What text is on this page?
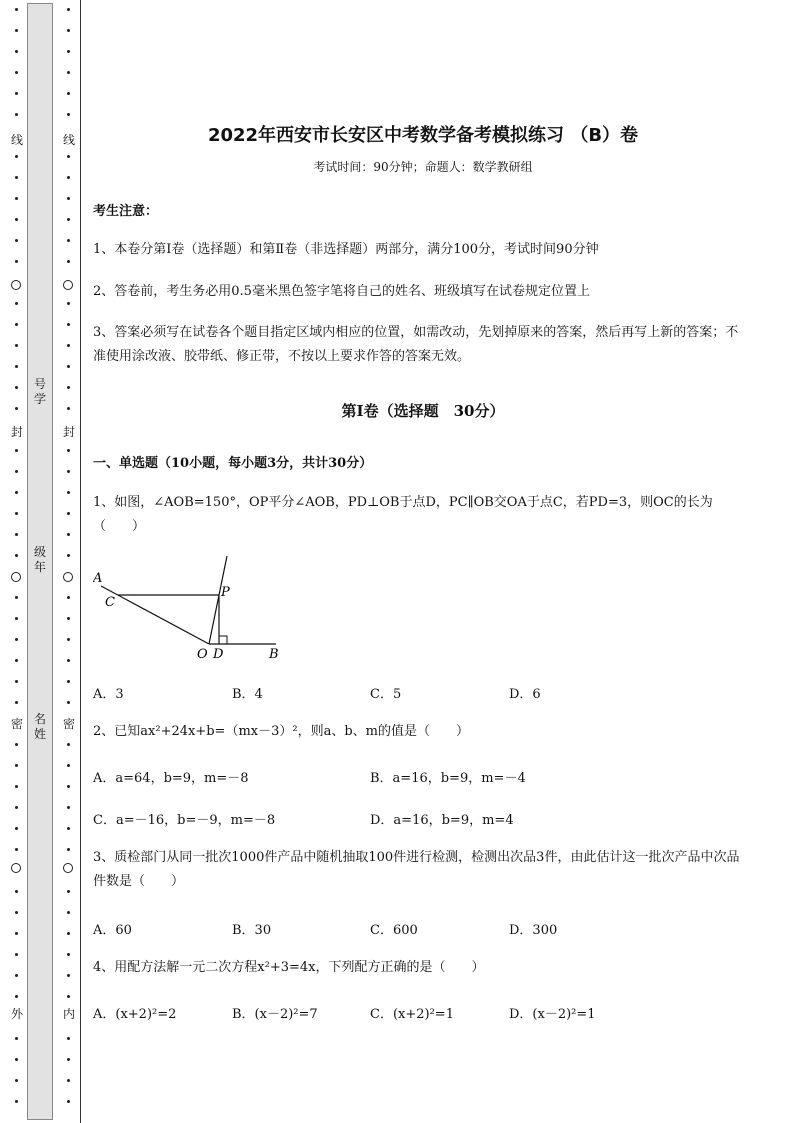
线	线
封	封
密	密
外	内
号学
级年
名姓
2022年西安市长安区中考数学备考模拟练习 （B）卷
考试时间：90分钟；命题人：数学教研组
考生注意：
1、本卷分第Ⅰ卷（选择题）和第Ⅱ卷（非选择题）两部分，满分100分，考试时间90分钟
2、答卷前，考生务必用0.5毫米黑色签字笔将自己的姓名、班级填写在试卷规定位置上
3、答案必须写在试卷各个题目指定区域内相应的位置，如需改动，先划掉原来的答案，然后再写上新的答案；不准使用涂改液、胶带纸、修正带，不按以上要求作答的答案无效。
第Ⅰ卷（选择题　30分）
一、单选题（10小题，每小题3分，共计30分）
1、如图，∠AOB=150°，OP平分∠AOB，PD⊥OB于点D，PC∥OB交OA于点C，若PD=3，则OC的长为（　　）
A
C
P
O D	B
A．3	B．4	C．5	D．6
2、已知ax²+24x+b=（mx－3）²，则a、b、m的值是（　　）
A．a=64，b=9，m=－8	B．a=16，b=9，m=－4
C．a=－16，b=－9，m=－8	D．a=16，b=9，m=4
3、质检部门从同一批次1000件产品中随机抽取100件进行检测，检测出次品3件，由此估计这一批次产品中次品件数是（　　）
A．60	B．30	C．600	D．300
4、用配方法解一元二次方程x²+3=4x，下列配方正确的是（　　）
A．(x+2)²=2	B．(x－2)²=7	C．(x+2)²=1	D．(x－2)²=1
